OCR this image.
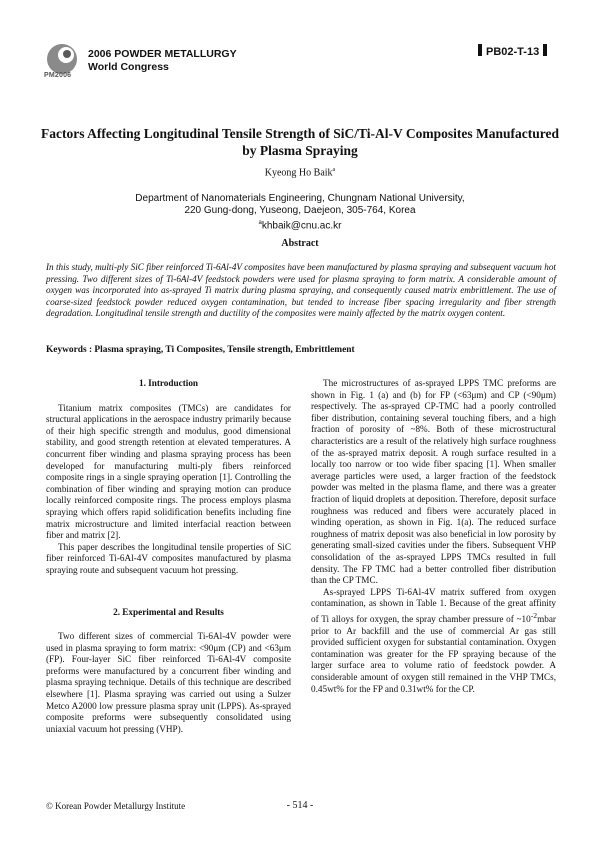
PM2006
2006 POWDER METALLURGY
World Congress
PB02-T-13
Factors Affecting Longitudinal Tensile Strength of SiC/Ti-Al-V Composites Manufactured by Plasma Spraying
Kyeong Ho Baik$^a$
Department of Nanomaterials Engineering, Chungnam National University,
220 Gung-dong, Yuseong, Daejeon, 305-764, Korea
$^a$khbaik@cnu.ac.kr
Abstract

In this study, multi-ply SiC fiber reinforced Ti-6Al-4V composites have been manufactured by plasma spraying and subsequent vacuum hot pressing. Two different sizes of Ti-6Al-4V feedstock powders were used for plasma spraying to form matrix. A considerable amount of oxygen was incorporated into as-sprayed Ti matrix during plasma spraying, and consequently caused matrix embrittlement. The use of coarse-sized feedstock powder reduced oxygen contamination, but tended to increase fiber spacing irregularity and fiber strength degradation. Longitudinal tensile strength and ductility of the composites were mainly affected by the matrix oxygen content.

Keywords : Plasma spraying, Ti Composites, Tensile strength, Embrittlement
1. Introduction

Titanium matrix composites (TMCs) are candidates for structural applications in the aerospace industry primarily because of their high specific strength and modulus, good dimensional stability, and good strength retention at elevated temperatures. A concurrent fiber winding and plasma spraying process has been developed for manufacturing multi-ply fibers reinforced composite rings in a single spraying operation [1]. Controlling the combination of fiber winding and spraying motion can produce locally reinforced composite rings. The process employs plasma spraying which offers rapid solidification benefits including fine matrix microstructure and limited interfacial reaction between fiber and matrix [2].

This paper describes the longitudinal tensile properties of SiC fiber reinforced Ti-6Al-4V composites manufactured by plasma spraying route and subsequent vacuum hot pressing.

2. Experimental and Results

Two different sizes of commercial Ti-6Al-4V powder were used in plasma spraying to form matrix: <90μm (CP) and <63μm (FP). Four-layer SiC fiber reinforced Ti-6Al-4V composite preforms were manufactured by a concurrent fiber winding and plasma spraying technique. Details of this technique are described elsewhere [1]. Plasma spraying was carried out using a Sulzer Metco A2000 low pressure plasma spray unit (LPPS). As-sprayed composite preforms were subsequently consolidated using uniaxial vacuum hot pressing (VHP).

The microstructures of as-sprayed LPPS TMC preforms are shown in Fig. 1 (a) and (b) for FP (<63μm) and CP (<90μm) respectively. The as-sprayed CP-TMC had a poorly controlled fiber distribution, containing several touching fibers, and a high fraction of porosity of ~8%. Both of these microstructural characteristics are a result of the relatively high surface roughness of the as-sprayed matrix deposit. A rough surface resulted in a locally too narrow or too wide fiber spacing [1]. When smaller average particles were used, a larger fraction of the feedstock powder was melted in the plasma flame, and there was a greater fraction of liquid droplets at deposition. Therefore, deposit surface roughness was reduced and fibers were accurately placed in winding operation, as shown in Fig. 1(a). The reduced surface roughness of matrix deposit was also beneficial in low porosity by generating small-sized cavities under the fibers. Subsequent VHP consolidation of the as-sprayed LPPS TMCs resulted in full density. The FP TMC had a better controlled fiber distribution than the CP TMC.

As-sprayed LPPS Ti-6Al-4V matrix suffered from oxygen contamination, as shown in Table 1. Because of the great affinity of Ti alloys for oxygen, the spray chamber pressure of $\sim 10^{-2}mbar$ prior to Ar backfill and the use of commercial Ar gas still provided sufficient oxygen for substantial contamination. Oxygen contamination was greater for the FP spraying because of the larger surface area to volume ratio of feedstock powder. A considerable amount of oxygen still remained in the VHP TMCs, 0.45wt% for the FP and 0.31wt% for the CP.

© Korean Powder Metallurgy Institute	- 514 -
